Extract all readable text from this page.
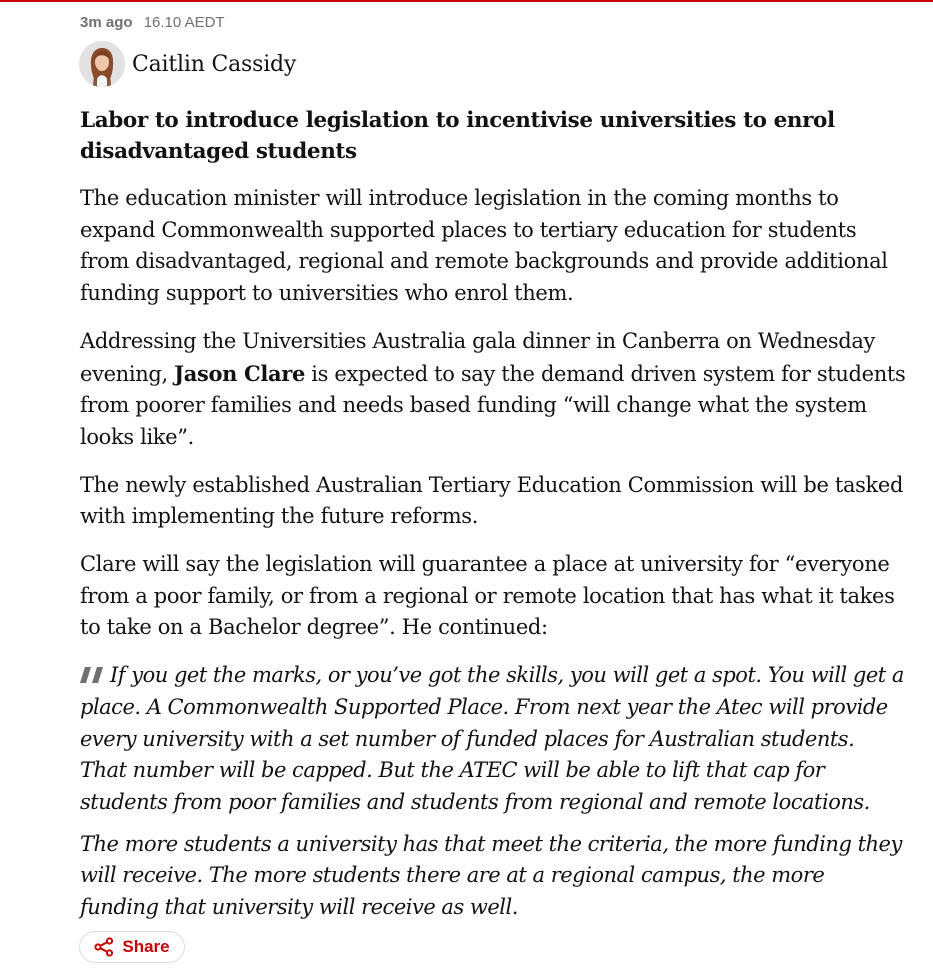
3m ago 16.10 AEDT
Caitlin Cassidy
Labor to introduce legislation to incentivise universities to enrol disadvantaged students

The education minister will introduce legislation in the coming months to expand Commonwealth supported places to tertiary education for students from disadvantaged, regional and remote backgrounds and provide additional funding support to universities who enrol them.

Addressing the Universities Australia gala dinner in Canberra on Wednesday evening, Jason Clare is expected to say the demand driven system for students from poorer families and needs based funding “will change what the system looks like”.

The newly established Australian Tertiary Education Commission will be tasked with implementing the future reforms.

Clare will say the legislation will guarantee a place at university for “everyone from a poor family, or from a regional or remote location that has what it takes to take on a Bachelor degree”. He continued:

If you get the marks, or you’ve got the skills, you will get a spot. You will get a place. A Commonwealth Supported Place. From next year the Atec will provide every university with a set number of funded places for Australian students. That number will be capped. But the ATEC will be able to lift that cap for students from poor families and students from regional and remote locations.

The more students a university has that meet the criteria, the more funding they will receive. The more students there are at a regional campus, the more funding that university will receive as well.

Share
